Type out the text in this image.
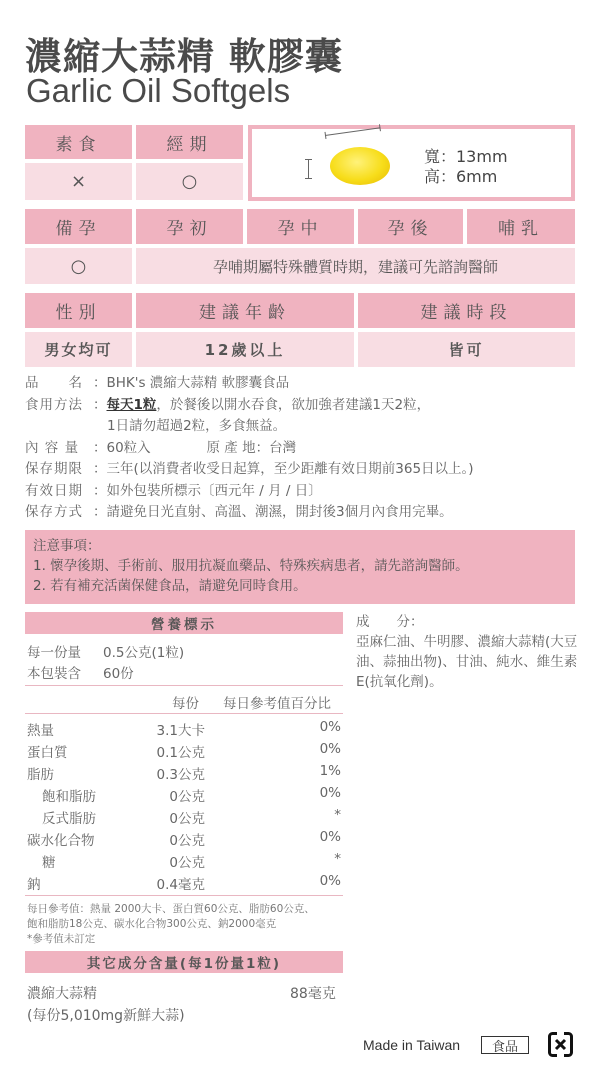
濃縮大蒜精 軟膠囊
Garlic Oil Softgels
素食	經期
×	○
寬：13mm
高：6mm
備孕	孕初	孕中	孕後	哺乳
○	孕哺期屬特殊體質時期，建議可先諮詢醫師
性別	建議年齡	建議時段
男女均可	12歲以上	皆可
品　　名 ： BHK's 濃縮大蒜精 軟膠囊食品
食用方法 ： 每天1粒 ，於餐後以開水吞食，欲加強者建議1天2粒，
1日請勿超過2粒，多食無益。
內 容 量	： 60粒入	原 產 地 ： 台灣
保存期限 ： 三年(以消費者收受日起算，至少距離有效日期前365日以上。)
有效日期 ： 如外包裝所標示〔西元年 / 月 / 日〕
保存方式 ： 請避免日光直射、高溫、潮濕，開封後3個月內食用完畢。
注意事項：
1. 懷孕後期、手術前、服用抗凝血藥品、特殊疾病患者，請先諮詢醫師。
2. 若有補充活菌保健食品，請避免同時食用。
營養標示
每一份量 0.5公克(1粒)
本包裝含 60份
每份 每日參考值百分比
熱量	3.1大卡	0%
蛋白質	0.1公克	0%
脂肪	0.3公克	1%
飽和脂肪	0公克	0%
反式脂肪	0公克	*
碳水化合物	0公克	0%
糖	0公克	*
鈉	0.4毫克	0%
每日參考值：熱量 2000大卡、蛋白質60公克、脂肪60公克、
飽和脂肪18公克、碳水化合物300公克、鈉2000毫克
*參考值未訂定
其它成分含量(每1份量1粒)
濃縮大蒜精	88毫克
(每份5,010mg新鮮大蒜)
成　　分：
亞麻仁油、牛明膠、濃縮大蒜精(大豆油、蒜抽出物)、甘油、純水、維生素E(抗氧化劑)。
Made in Taiwan	食品
